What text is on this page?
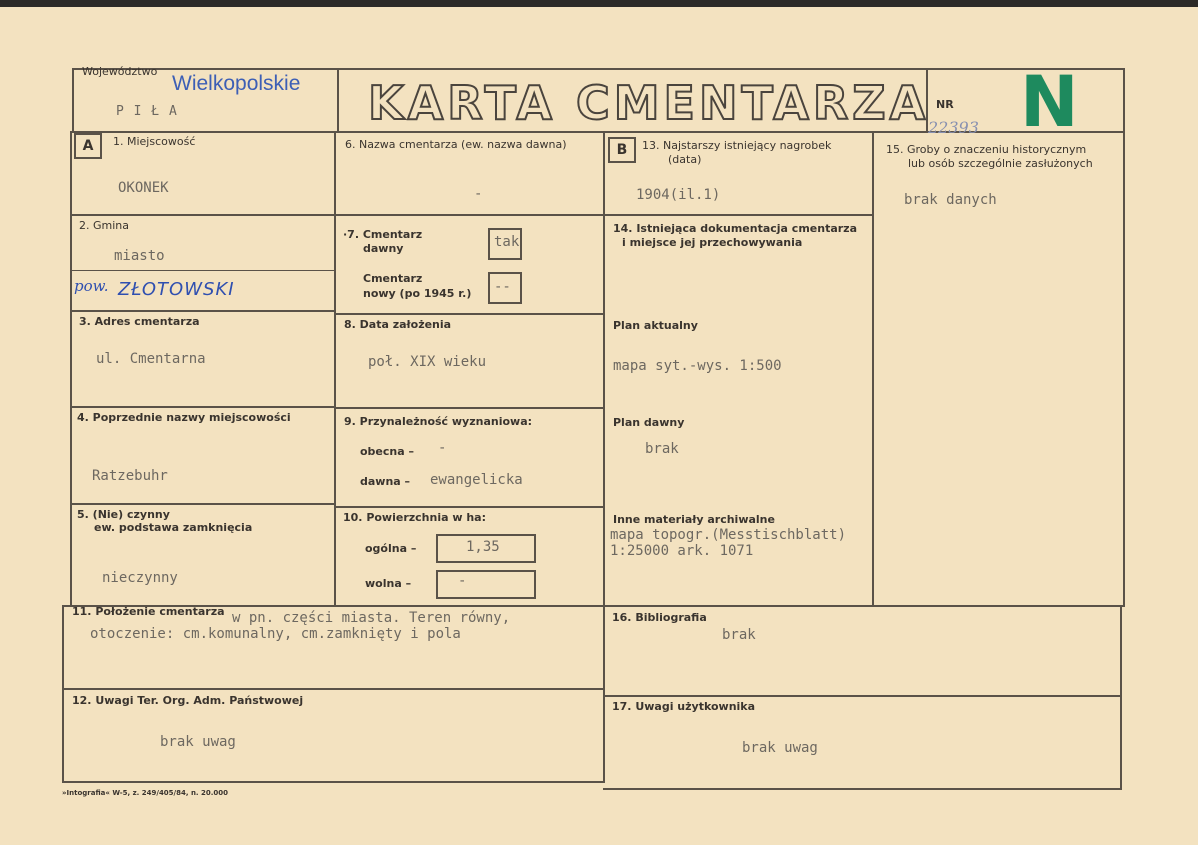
Województwo
Wielkopolskie
P I Ł A	KARTA CMENTARZA NR
22393 N
A	B
1. Miejscowość
OKONEK
2. Gmina
miasto
pow. ZŁOTOWSKI
3. Adres cmentarza
ul. Cmentarna
4. Poprzednie nazwy miejscowości
Ratzebuhr
5. (Nie) czynny
ew. podstawa zamknięcia
nieczynny
6. Nazwa cmentarza (ew. nazwa dawna)
-
·7. Cmentarz
dawny	tak
Cmentarz
nowy (po 1945 r.) --
8. Data założenia
poł. XIX wieku
9. Przynależność wyznaniowa:
obecna – -
dawna – ewangelicka
10. Powierzchnia w ha:
ogólna –	1,35
wolna –	-
13. Najstarszy istniejący nagrobek
(data)
1904(il.1)
14. Istniejąca dokumentacja cmentarza
i miejsce jej przechowywania
Plan aktualny
mapa syt.-wys. 1:500
Plan dawny
brak
Inne materiały archiwalne
mapa topogr.(Messtischblatt)
1:25000 ark. 1071
15. Groby o znaczeniu historycznym
lub osób szczególnie zasłużonych
brak danych
11. Położenie cmentarza w pn. części miasta. Teren równy,
otoczenie: cm.komunalny, cm.zamknięty i pola
16. Bibliografia
brak
12. Uwagi Ter. Org. Adm. Państwowej
brak uwag
17. Uwagi użytkownika
brak uwag
»Intografia« W-5, z. 249/405/84, n. 20.000
